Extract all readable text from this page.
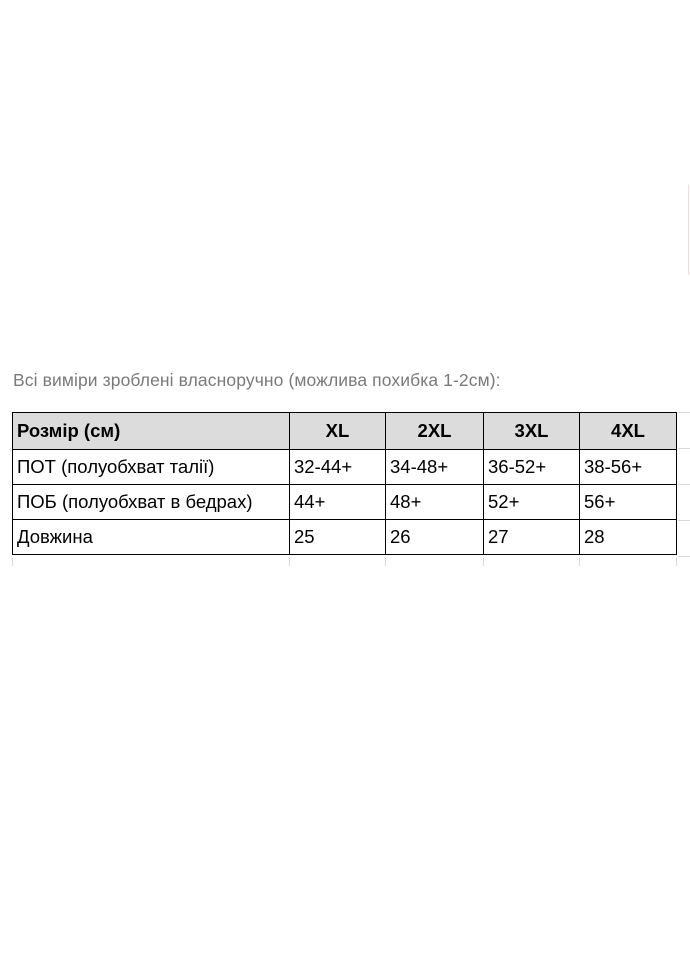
Всі виміри зроблені власноручно (можлива похибка 1-2см):
Розмір (см)	XL	2XL	3XL	4XL
ПОТ (полуобхват талії)	32-44+	34-48+	36-52+	38-56+
ПОБ (полуобхват в бедрах)	44+	48+	52+	56+
Довжина	25	26	27	28
